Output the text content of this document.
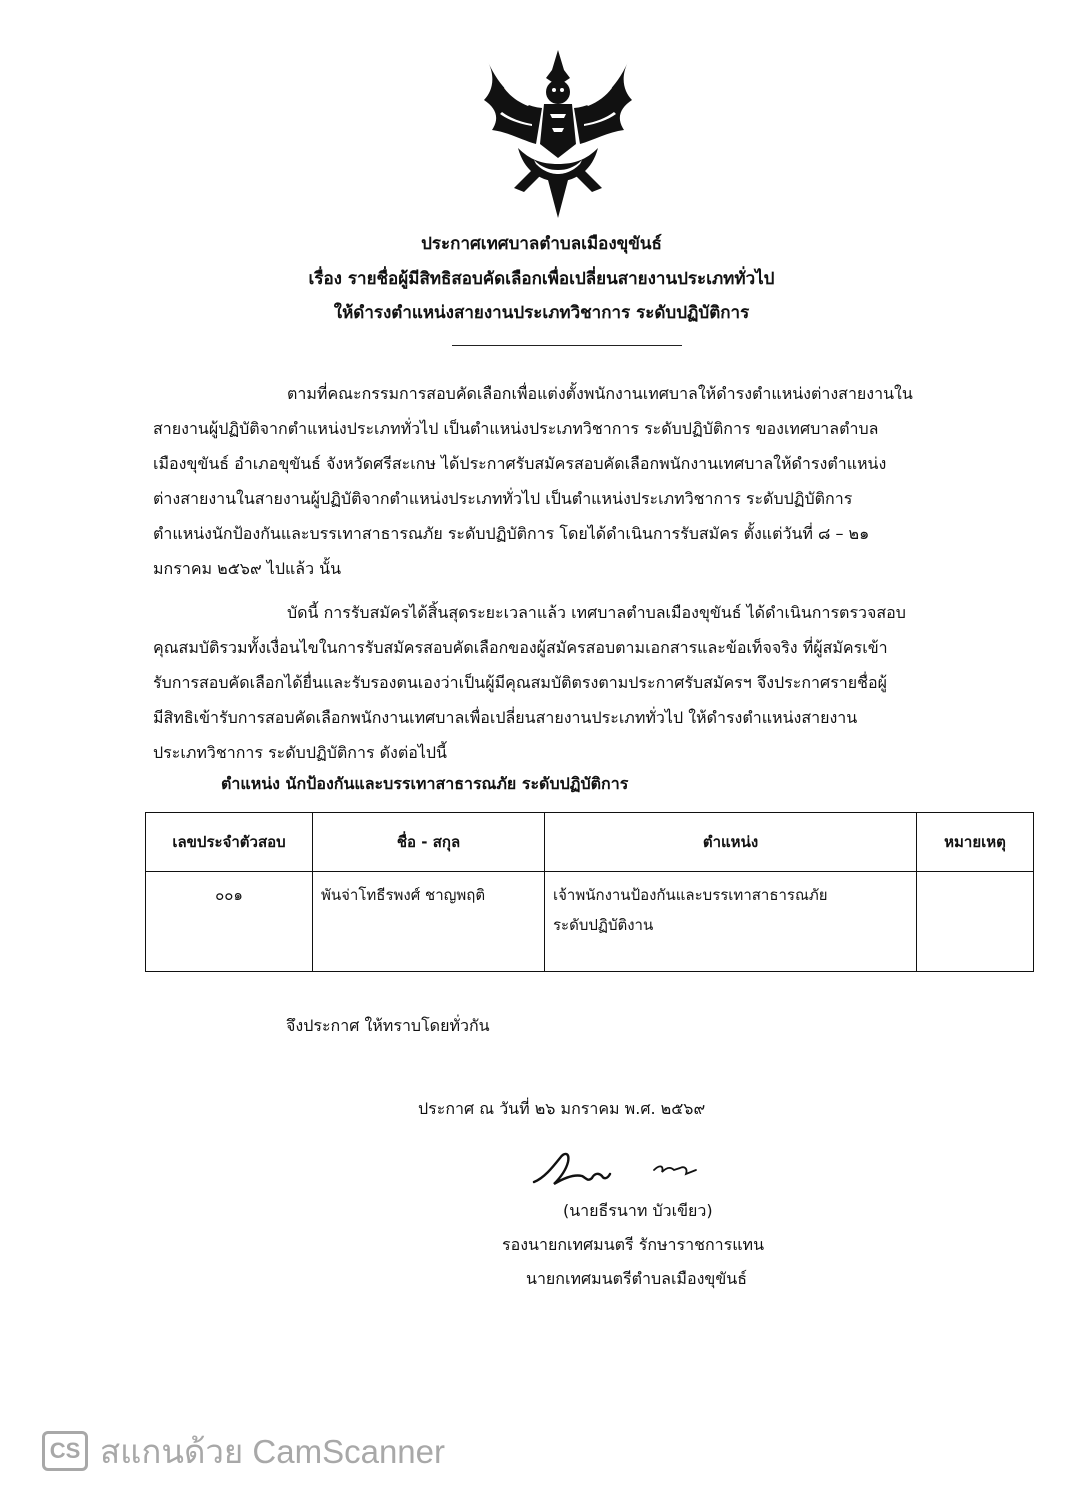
ประกาศเทศบาลตำบลเมืองขุขันธ์
เรื่อง รายชื่อผู้มีสิทธิสอบคัดเลือกเพื่อเปลี่ยนสายงานประเภททั่วไป
ให้ดำรงตำแหน่งสายงานประเภทวิชาการ ระดับปฏิบัติการ
ตามที่คณะกรรมการสอบคัดเลือกเพื่อแต่งตั้งพนักงานเทศบาลให้ดำรงตำแหน่งต่างสายงานใน
สายงานผู้ปฏิบัติจากตำแหน่งประเภททั่วไป เป็นตำแหน่งประเภทวิชาการ ระดับปฏิบัติการ ของเทศบาลตำบล
เมืองขุขันธ์ อำเภอขุขันธ์ จังหวัดศรีสะเกษ ได้ประกาศรับสมัครสอบคัดเลือกพนักงานเทศบาลให้ดำรงตำแหน่ง
ต่างสายงานในสายงานผู้ปฏิบัติจากตำแหน่งประเภททั่วไป เป็นตำแหน่งประเภทวิชาการ ระดับปฏิบัติการ
ตำแหน่งนักป้องกันและบรรเทาสาธารณภัย ระดับปฏิบัติการ โดยได้ดำเนินการรับสมัคร ตั้งแต่วันที่ ๘ – ๒๑
มกราคม ๒๕๖๙ ไปแล้ว นั้น
บัดนี้ การรับสมัครได้สิ้นสุดระยะเวลาแล้ว เทศบาลตำบลเมืองขุขันธ์ ได้ดำเนินการตรวจสอบ
คุณสมบัติรวมทั้งเงื่อนไขในการรับสมัครสอบคัดเลือกของผู้สมัครสอบตามเอกสารและข้อเท็จจริง ที่ผู้สมัครเข้า
รับการสอบคัดเลือกได้ยื่นและรับรองตนเองว่าเป็นผู้มีคุณสมบัติตรงตามประกาศรับสมัครฯ จึงประกาศรายชื่อผู้
มีสิทธิเข้ารับการสอบคัดเลือกพนักงานเทศบาลเพื่อเปลี่ยนสายงานประเภททั่วไป ให้ดำรงตำแหน่งสายงาน
ประเภทวิชาการ ระดับปฏิบัติการ ดังต่อไปนี้
ตำแหน่ง นักป้องกันและบรรเทาสาธารณภัย ระดับปฏิบัติการ
เลขประจำตัวสอบ	ชื่อ - สกุล	ตำแหน่ง	หมายเหตุ
๐๐๑	พันจ่าโทธีรพงศ์ ชาญพฤติ	เจ้าพนักงานป้องกันและบรรเทาสาธารณภัย
ระดับปฏิบัติงาน	

จึงประกาศ ให้ทราบโดยทั่วกัน
ประกาศ ณ วันที่ ๒๖ มกราคม พ.ศ. ๒๕๖๙
(นายธีรนาท บัวเขียว)
รองนายกเทศมนตรี รักษาราชการแทน
นายกเทศมนตรีตำบลเมืองขุขันธ์
CS สแกนด้วย CamScanner
